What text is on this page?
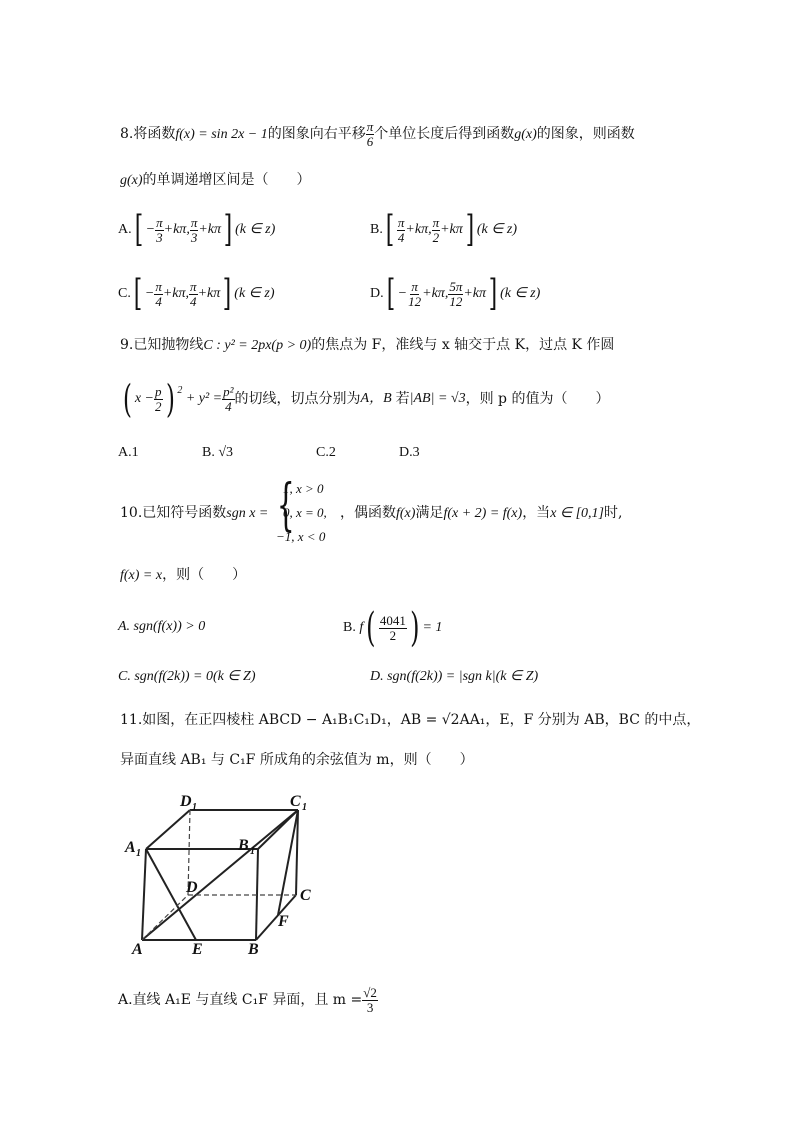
8.将函数f(x) = sin 2x − 1的图象向右平移 $\frac{\pi}{6}$ 个单位长度后得到函数g(x)的图象，则函数
g(x)的单调递增区间是（　　）
$A.[ - \frac{\pi}{3} +k\pi$, $\frac{\pi}{3} +k\pi$] (k ∈ z)	$B.[ \frac{\pi}{4} +k\pi$, $\frac{\pi}{2} +k\pi$] (k ∈ z)
$C.[ - \frac{\pi}{4} +k\pi$, $\frac{\pi}{4} +k\pi$] (k ∈ z)	$D.[ - \frac{\pi}{12} +k\pi$, $\frac{5\pi}{12} +k\pi$] (k ∈ z)
9.已知抛物线C : y² = 2px(p > 0)的焦点为 F，准线与 x 轴交于点 K，过点 K 作圆
( $x - \frac{p}{2}$ ) $2 + y^2 = \frac{\text{p²}}{4}$ 的切线，切点分别为A，B 若|AB| = √3，则 p 的值为（　　）
A.1	B. √3	C.2	D.3
10.已知符号函数sgn x = {
1, x > 0
0, x = 0,
−1, x < 0
，偶函数f(x)满足f(x + 2) = f(x)，当x ∈ [0,1]时,
f(x) = x，则（　　）
A. sgn(f(x)) > 0	B. $f( \frac{4041}{2}$ ) = 1
C. sgn(f(2k)) = 0(k ∈ Z)	D. sgn(f(2k)) = |sgn k|(k ∈ Z)
11.如图，在正四棱柱 ABCD − A₁B₁C₁D₁，AB = √2AA₁，E，F 分别为 AB，BC 的中点，
异面直线 AB₁ 与 C₁F 所成角的余弦值为 m，则（　　）
D 1	C 1
A 1	B 1
D	C
F
A	E	B
A.直线 A₁E 与直线 C₁F 异面，且 $m = \frac{√2}{3}$
